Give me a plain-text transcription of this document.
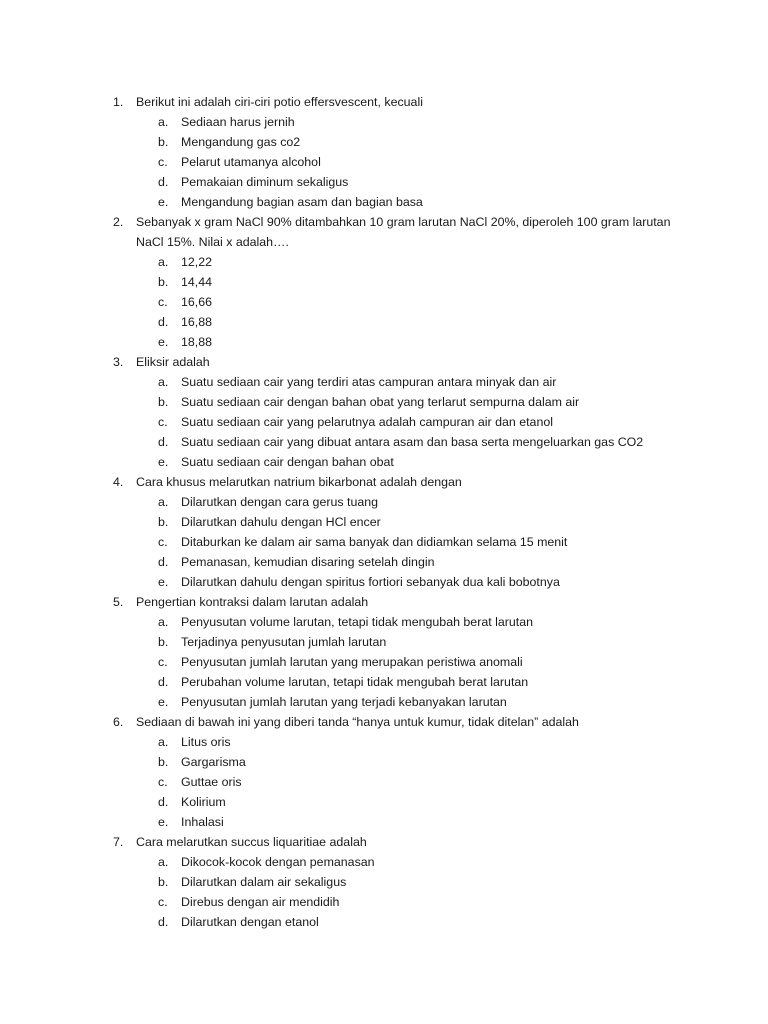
1.	Berikut ini adalah ciri-ciri potio effersvescent, kecuali
a.	Sediaan harus jernih
b.	Mengandung gas co2
c.	Pelarut utamanya alcohol
d.	Pemakaian diminum sekaligus
e.	Mengandung bagian asam dan bagian basa
2.	Sebanyak x gram NaCl 90% ditambahkan 10 gram larutan NaCl 20%, diperoleh 100 gram larutan
NaCl 15%. Nilai x adalah….
a.	12,22
b.	14,44
c.	16,66
d.	16,88
e.	18,88
3.	Eliksir adalah
a.	Suatu sediaan cair yang terdiri atas campuran antara minyak dan air
b.	Suatu sediaan cair dengan bahan obat yang terlarut sempurna dalam air
c.	Suatu sediaan cair yang pelarutnya adalah campuran air dan etanol
d.	Suatu sediaan cair yang dibuat antara asam dan basa serta mengeluarkan gas CO2
e.	Suatu sediaan cair dengan bahan obat
4.	Cara khusus melarutkan natrium bikarbonat adalah dengan
a.	Dilarutkan dengan cara gerus tuang
b.	Dilarutkan dahulu dengan HCl encer
c.	Ditaburkan ke dalam air sama banyak dan didiamkan selama 15 menit
d.	Pemanasan, kemudian disaring setelah dingin
e.	Dilarutkan dahulu dengan spiritus fortiori sebanyak dua kali bobotnya
5.	Pengertian kontraksi dalam larutan adalah
a.	Penyusutan volume larutan, tetapi tidak mengubah berat larutan
b.	Terjadinya penyusutan jumlah larutan
c.	Penyusutan jumlah larutan yang merupakan peristiwa anomali
d.	Perubahan volume larutan, tetapi tidak mengubah berat larutan
e.	Penyusutan jumlah larutan yang terjadi kebanyakan larutan
6.	Sediaan di bawah ini yang diberi tanda “hanya untuk kumur, tidak ditelan” adalah
a.	Litus oris
b.	Gargarisma
c.	Guttae oris
d.	Kolirium
e.	Inhalasi
7.	Cara melarutkan succus liquaritiae adalah
a.	Dikocok-kocok dengan pemanasan
b.	Dilarutkan dalam air sekaligus
c.	Direbus dengan air mendidih
d.	Dilarutkan dengan etanol
